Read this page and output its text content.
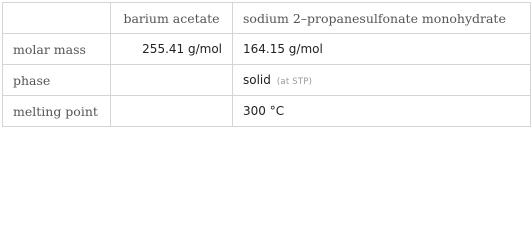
	barium acetate	sodium 2–propanesulfonate monohydrate
molar mass	255.41 g/mol	164.15 g/mol
phase		solid (at STP)
melting point		300 °C
